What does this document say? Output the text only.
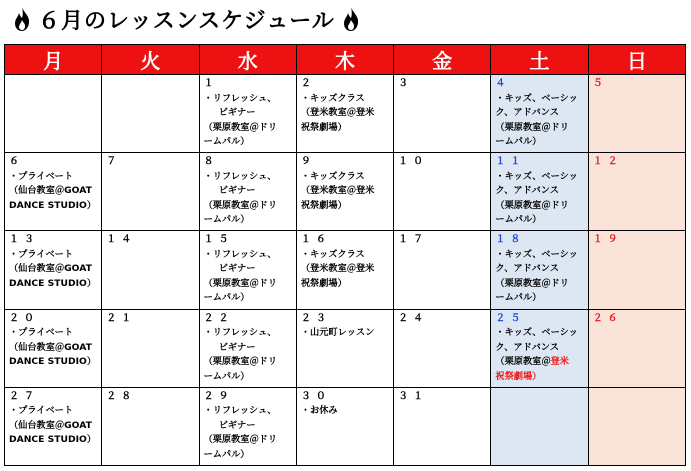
６月のレッスンスケジュール
月	火	水	木	金	土	日

		１
・リフレッシュ、
　ビギナー
（栗原教室＠ドリ
ームパル）	２
・キッズクラス
（登米教室＠登米
祝祭劇場）	３	４
・キッズ、ベーシッ
ク、アドバンス
（栗原教室＠ドリ
ームパル）	５

６
・プライベート
（仙台教室＠GOAT
DANCE STUDIO）	７	８
・リフレッシュ、
　ビギナー
（栗原教室＠ドリ
ームパル）	９
・キッズクラス
（登米教室＠登米
祝祭劇場）	１０	１１
・キッズ、ベーシッ
ク、アドバンス
（栗原教室＠ドリ
ームパル）	１２

１３
・プライベート
（仙台教室＠GOAT
DANCE STUDIO）	１４	１５
・リフレッシュ、
　ビギナー
（栗原教室＠ドリ
ームパル）	１６
・キッズクラス
（登米教室＠登米
祝祭劇場）	１７	１８
・キッズ、ベーシッ
ク、アドバンス
（栗原教室＠ドリ
ームパル）	１９

２０
・プライベート
（仙台教室＠GOAT
DANCE STUDIO）	２１	２２
・リフレッシュ、
　ビギナー
（栗原教室＠ドリ
ームパル）	２３
・山元町レッスン	２４	２５
・キッズ、ベーシッ
ク、アドバンス
（栗原教室＠登米
祝祭劇場）	２６

２７
・プライベート
（仙台教室＠GOAT
DANCE STUDIO）	２８	２９
・リフレッシュ、
　ビギナー
（栗原教室＠ドリ
ームパル）	３０
・お休み	３１		
